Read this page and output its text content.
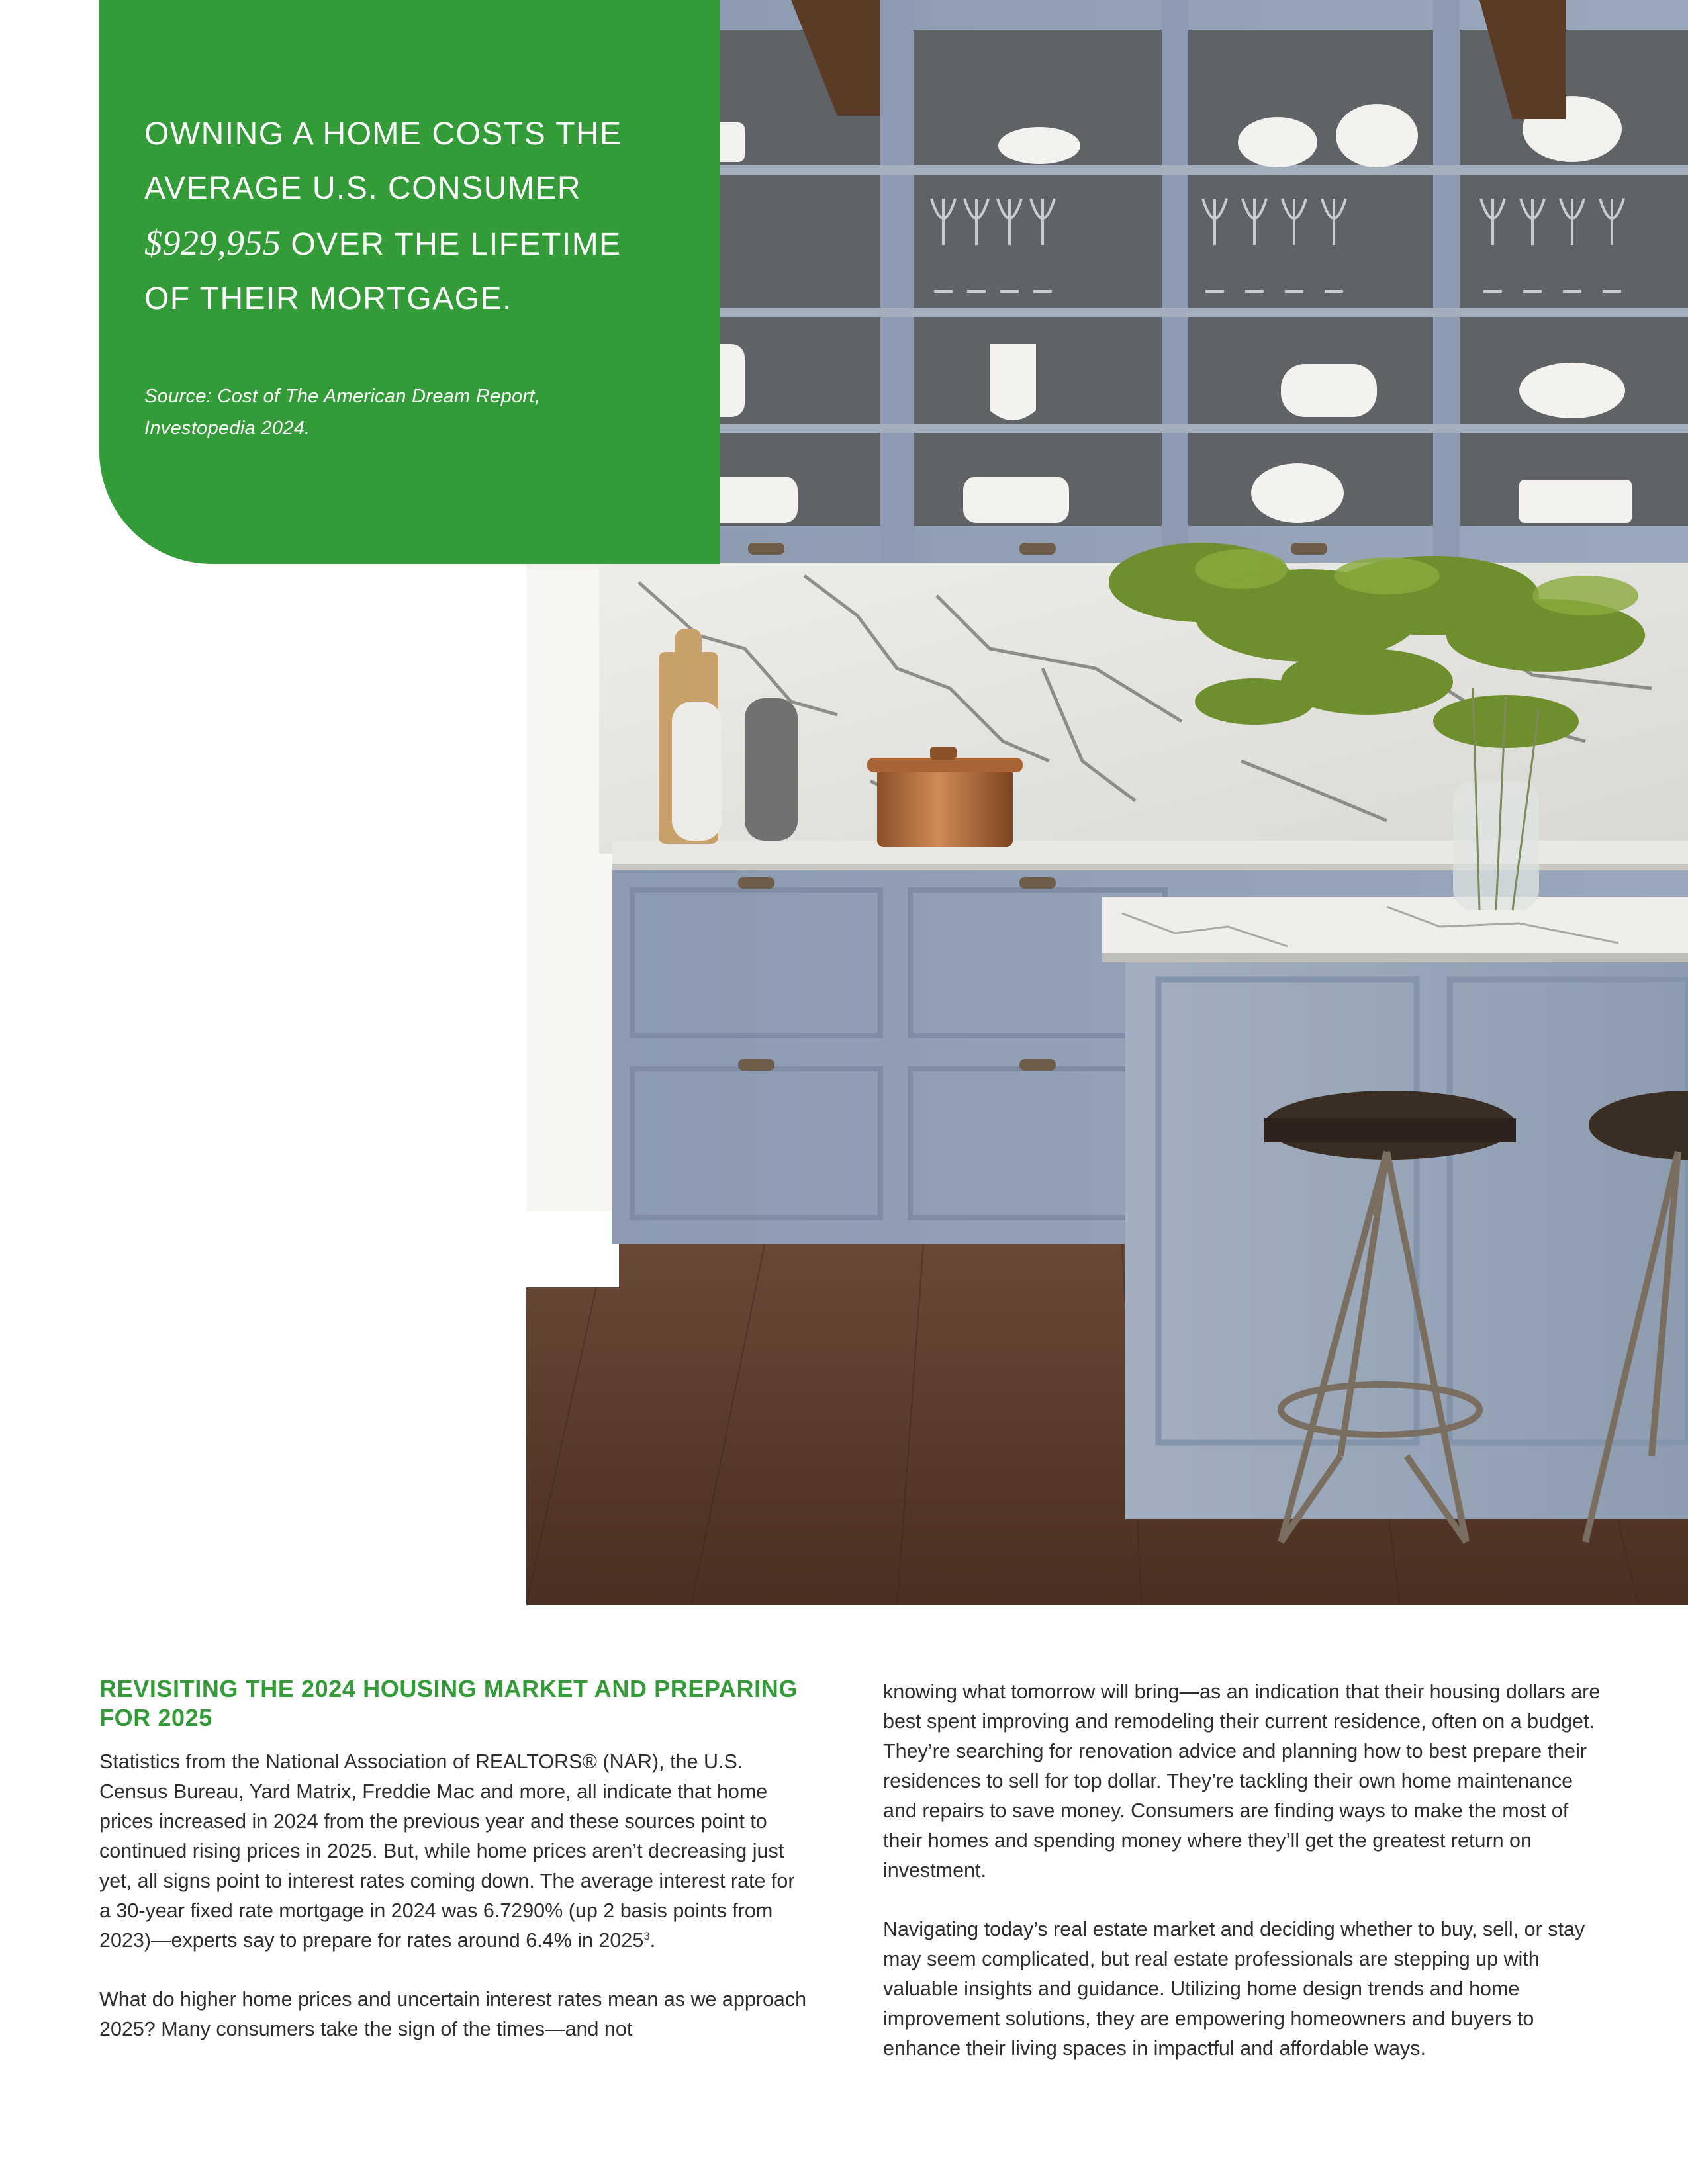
OWNING A HOME COSTS THE
AVERAGE U.S. CONSUMER
$929,955 OVER THE LIFETIME
OF THEIR MORTGAGE.

Source: Cost of The American Dream Report,
Investopedia 2024.

REVISITING THE 2024 HOUSING MARKET AND PREPARING FOR 2025

Statistics from the National Association of REALTORS® (NAR), the U.S. Census Bureau, Yard Matrix, Freddie Mac and more, all indicate that home prices increased in 2024 from the previous year and these sources point to continued rising prices in 2025. But, while home prices aren’t decreasing just yet, all signs point to interest rates coming down. The average interest rate for a 30-year fixed rate mortgage in 2024 was 6.7290% (up 2 basis points from 2023)—experts say to prepare for rates around 6.4% in 2025$^3$.

What do higher home prices and uncertain interest rates mean as we approach 2025? Many consumers take the sign of the times—and not

knowing what tomorrow will bring—as an indication that their housing dollars are best spent improving and remodeling their current residence, often on a budget. They’re searching for renovation advice and planning how to best prepare their residences to sell for top dollar. They’re tackling their own home maintenance and repairs to save money. Consumers are finding ways to make the most of their homes and spending money where they’ll get the greatest return on investment.

Navigating today’s real estate market and deciding whether to buy, sell, or stay may seem complicated, but real estate professionals are stepping up with valuable insights and guidance. Utilizing home design trends and home improvement solutions, they are empowering homeowners and buyers to enhance their living spaces in impactful and affordable ways.
